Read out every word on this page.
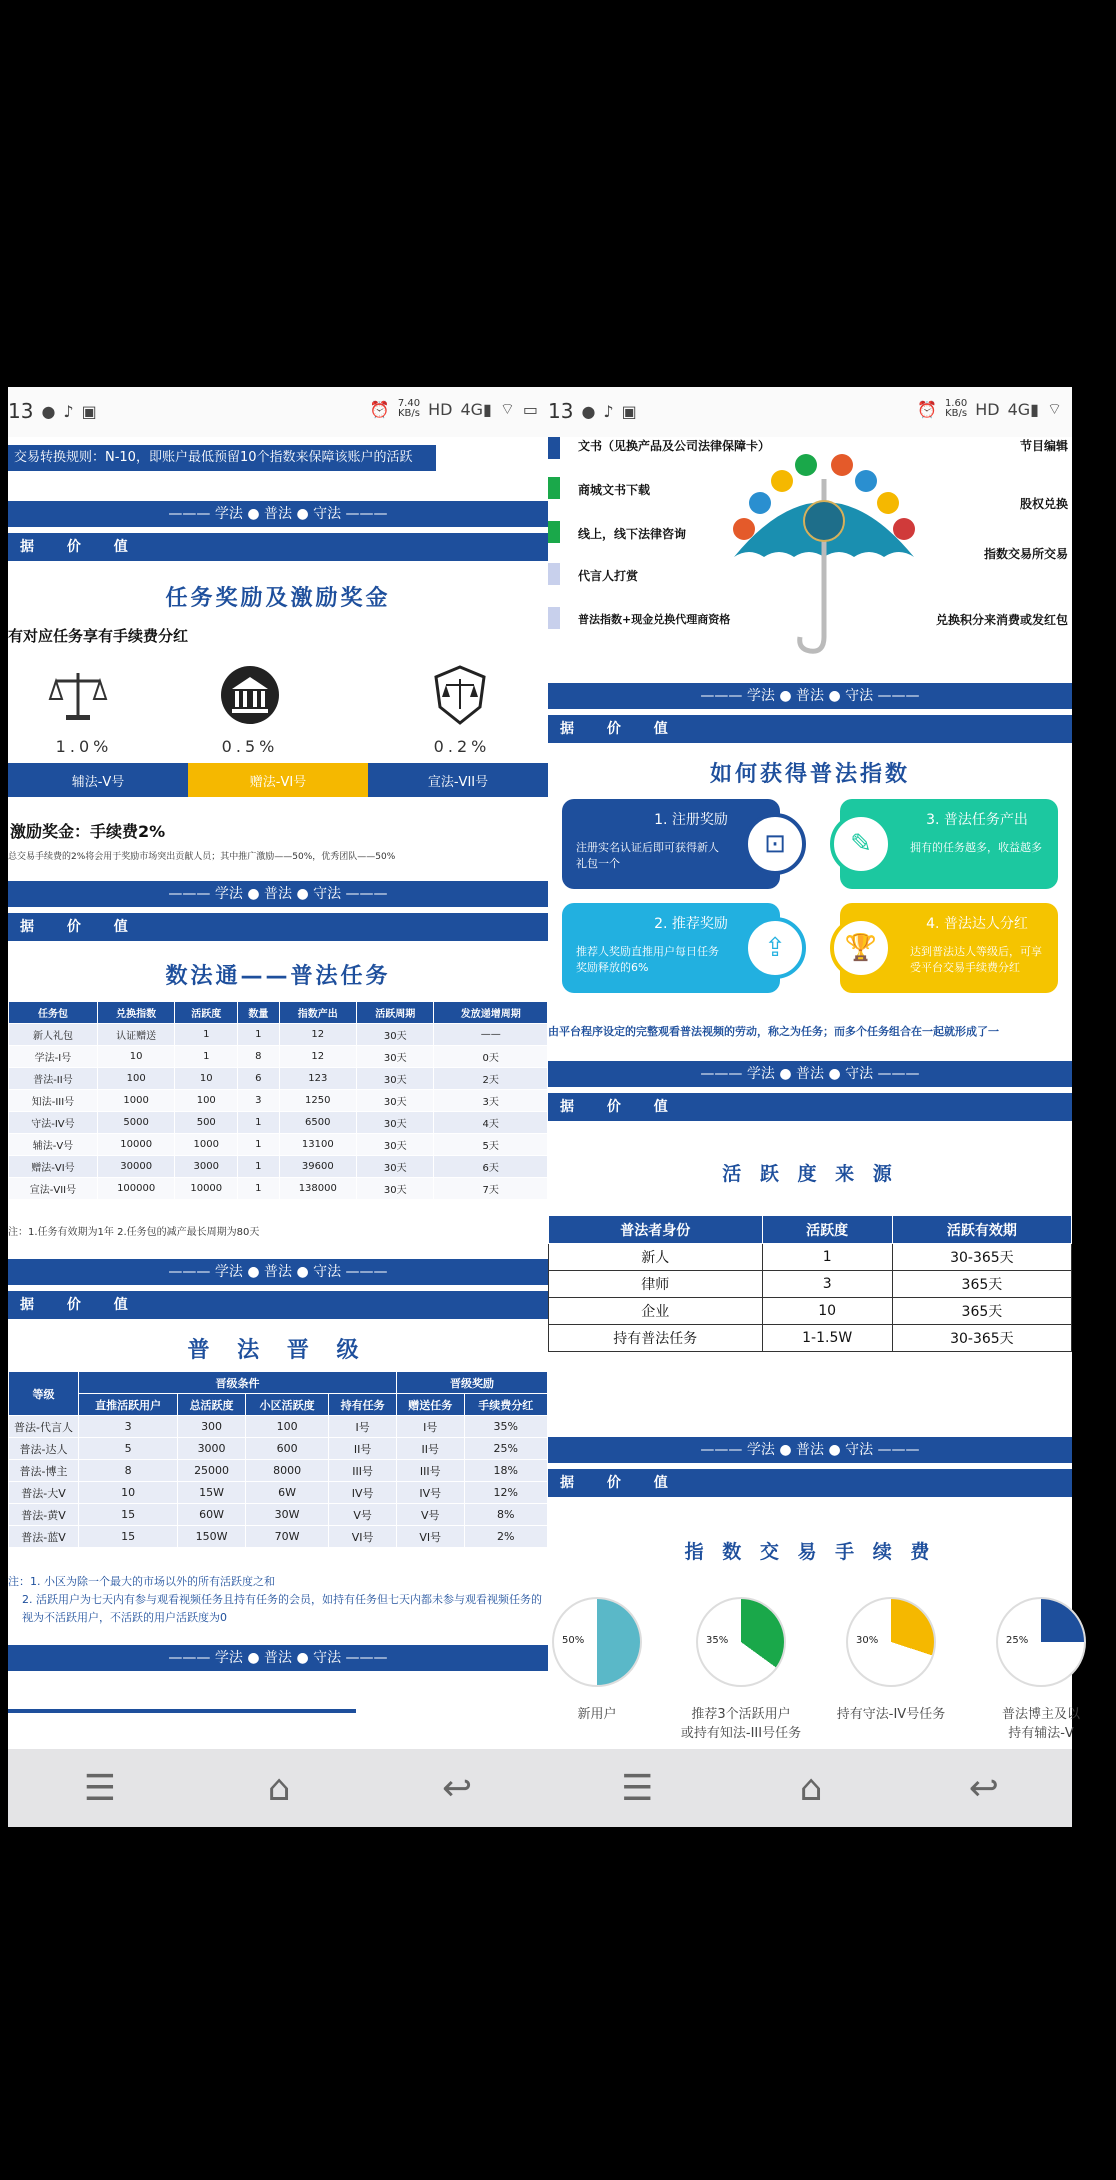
13 ● ♪ ▣	⏰ 7.40
KB/s HD 4G▮ ⌔ ▭
交易转换规则：N-10，即账户最低预留10个指数来保障该账户的活跃
——— 学法 ● 普法 ● 守法 ———
据 价 值
任务奖励及激励奖金
有对应任务享有手续费分红
1.0%	0.5%	0.2%
辅法-V号	赠法-VI号	宣法-VII号
激励奖金：手续费2%
总交易手续费的2%将会用于奖励市场突出贡献人员；其中推广激励——50%，优秀团队——50%
——— 学法 ● 普法 ● 守法 ———
据 价 值
数法通——普法任务
任务包	兑换指数	活跃度	数量	指数产出	活跃周期	发放递增周期
新人礼包	认证赠送	1	1	12	30天	——
学法-I号	10	1	8	12	30天	0天
普法-II号	100	10	6	123	30天	2天
知法-III号	1000	100	3	1250	30天	3天
守法-IV号	5000	500	1	6500	30天	4天
辅法-V号	10000	1000	1	13100	30天	5天
赠法-VI号	30000	3000	1	39600	30天	6天
宣法-VII号	100000	10000	1	138000	30天	7天
注：1.任务有效期为1年 2.任务包的减产最长周期为80天
——— 学法 ● 普法 ● 守法 ———
据 价 值
普 法 晋 级
等级	晋级条件				晋级奖励	
	直推活跃用户	总活跃度	小区活跃度	持有任务	赠送任务	手续费分红
普法-代言人	3	300	100	I号	I号	35%
普法-达人	5	3000	600	II号	II号	25%
普法-博主	8	25000	8000	III号	III号	18%
普法-大V	10	15W	6W	IV号	IV号	12%
普法-黄V	15	60W	30W	V号	V号	8%
普法-蓝V	15	150W	70W	VI号	VI号	2%
注：1. 小区为除一个最大的市场以外的所有活跃度之和
2. 活跃用户为七天内有参与观看视频任务且持有任务的会员，如持有任务但七天内都未参与观看视频任务的视为不活跃用户，不活跃的用户活跃度为0
——— 学法 ● 普法 ● 守法 ———
☰	⌂	↩
13 ● ♪ ▣	⏰ 1.60
KB/s HD 4G▮ ⌔
文书（见换产品及公司法律保障卡）
商城文书下载
线上，线下法律咨询
代言人打赏
普法指数+现金兑换代理商资格
节目编辑
股权兑换
指数交易所交易
兑换积分来消费或发红包
——— 学法 ● 普法 ● 守法 ———
据 价 值
如何获得普法指数
1. 注册奖励
注册实名认证后即可获得新人礼包一个
⊡
3. 普法任务产出
拥有的任务越多，收益越多
✎
2. 推荐奖励
推荐人奖励直推用户每日任务奖励释放的6%
⇪
4. 普法达人分红
达到普法达人等级后，可享受平台交易手续费分红
🏆
由平台程序设定的完整观看普法视频的劳动，称之为任务；而多个任务组合在一起就形成了一
——— 学法 ● 普法 ● 守法 ———
据 价 值
活 跃 度 来 源
普法者身份	活跃度	活跃有效期
新人	1	30-365天
律师	3	365天
企业	10	365天
持有普法任务	1-1.5W	30-365天
——— 学法 ● 普法 ● 守法 ———
据 价 值
指 数 交 易 手 续 费
50%
新用户
35%
推荐3个活跃用户
或持有知法-III号任务
30%
持有守法-IV号任务
25%
普法博主及以
持有辅法-V
☰	⌂	↩
